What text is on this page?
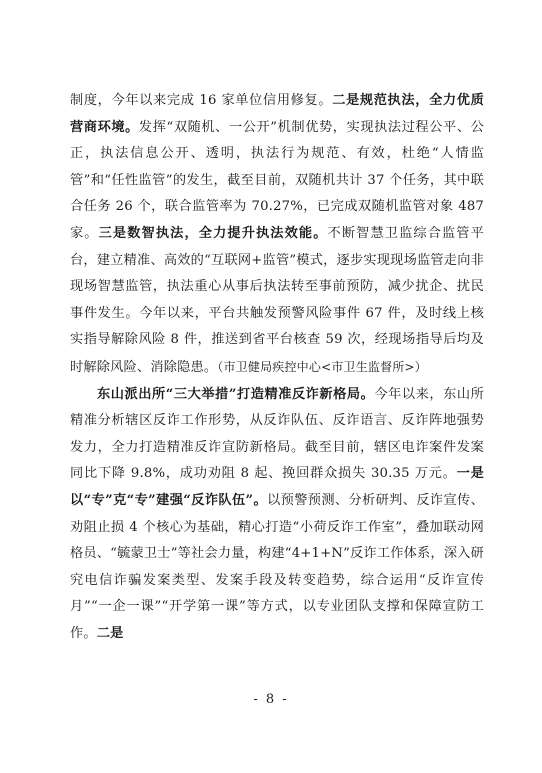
制度，今年以来完成 16 家单位信用修复。二是规范执法，全力优质营商环境。发挥“双随机、一公开”机制优势，实现执法过程公平、公正，执法信息公开、透明，执法行为规范、有效，杜绝“人情监管”和“任性监管”的发生，截至目前，双随机共计 37 个任务，其中联合任务 26 个，联合监管率为 70.27%，已完成双随机监管对象 487 家。三是数智执法，全力提升执法效能。不断智慧卫监综合监管平台，建立精准、高效的“互联网+监管”模式，逐步实现现场监管走向非现场智慧监管，执法重心从事后执法转至事前预防，减少扰企、扰民事件发生。今年以来，平台共触发预警风险事件 67 件，及时线上核实指导解除风险 8 件，推送到省平台核查 59 次，经现场指导后均及时解除风险、消除隐患。（市卫健局疾控中心<市卫生监督所>）

东山派出所“三大举措”打造精准反诈新格局。今年以来，东山所精准分析辖区反诈工作形势，从反诈队伍、反诈语言、反诈阵地强势发力，全力打造精准反诈宣防新格局。截至目前，辖区电诈案件发案同比下降 9.8%，成功劝阻 8 起、挽回群众损失 30.35 万元。一是以“专”克“专”建强“反诈队伍”。以预警预测、分析研判、反诈宣传、劝阻止损 4 个核心为基础，精心打造“小荷反诈工作室”，叠加联动网格员、“毓蒙卫士”等社会力量，构建“4+1+N”反诈工作体系，深入研究电信诈骗发案类型、发案手段及转变趋势，综合运用“反诈宣传月”“一企一课”“开学第一课”等方式，以专业团队支撑和保障宣防工作。二是

- 8 -
